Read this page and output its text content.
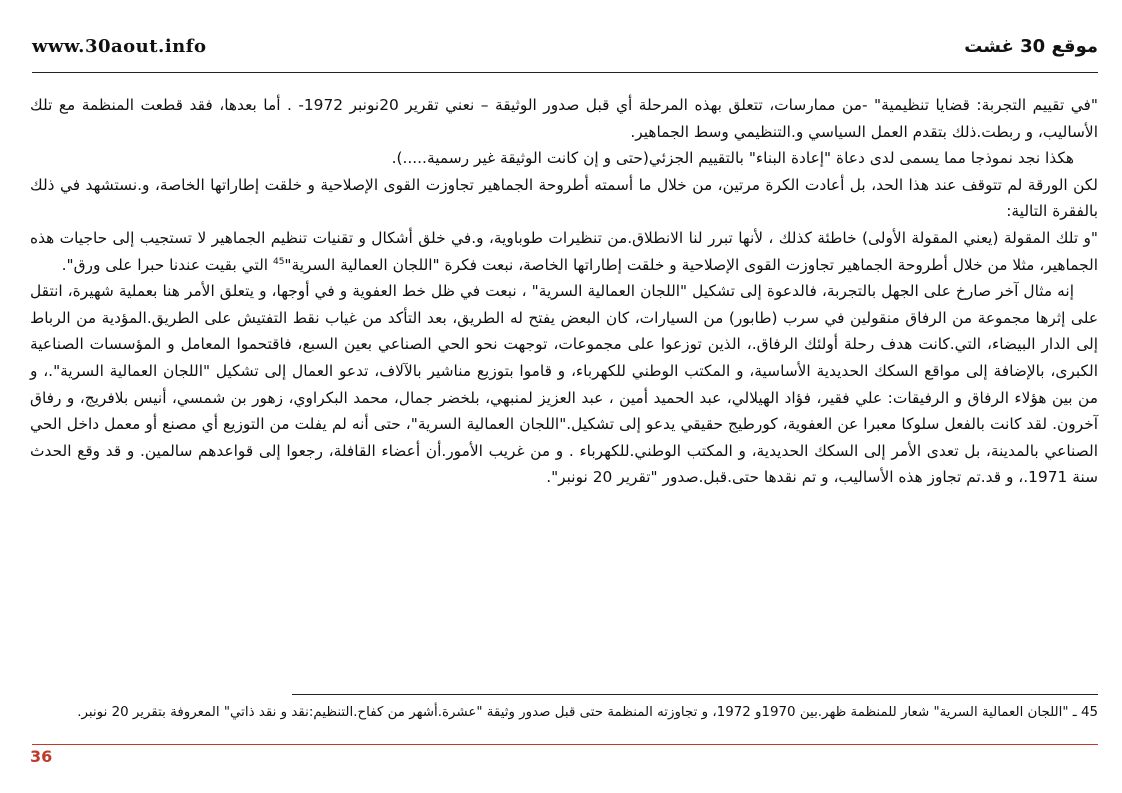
www.30aout.info	موقع 30 غشت

"في تقييم التجربة: قضايا تنظيمية" -من ممارسات، تتعلق بهذه المرحلة أي قبل صدور الوثيقة – نعني تقرير 20نونبر 1972- . أما بعدها، فقد قطعت المنظمة مع تلك الأساليب، و ربطت.ذلك بتقدم العمل السياسي و.التنظيمي وسط الجماهير.

هكذا نجد نموذجا مما يسمى لدى دعاة "إعادة البناء" بالتقييم الجزئي(حتى و إن كانت الوثيقة غير رسمية.....).

لكن الورقة لم تتوقف عند هذا الحد، بل أعادت الكرة مرتين، من خلال ما أسمته أطروحة الجماهير تجاوزت القوى الإصلاحية و خلقت إطاراتها الخاصة، و.نستشهد في ذلك بالفقرة التالية:

"و تلك المقولة (يعني المقولة الأولى) خاطئة كذلك ، لأنها تبرر لنا الانطلاق.من تنظيرات طوباوية، و.في خلق أشكال و تقنيات تنظيم الجماهير لا تستجيب إلى حاجيات هذه الجماهير، مثلا من خلال أطروحة الجماهير تجاوزت القوى الإصلاحية و خلقت إطاراتها الخاصة، نبعت فكرة "اللجان العمالية السرية"$^{45}$ التي بقيت عندنا حبرا على ورق".

إنه مثال آخر صارخ على الجهل بالتجربة، فالدعوة إلى تشكيل "اللجان العمالية السرية" ، نبعت في ظل خط العفوية و في أوجها، و يتعلق الأمر هنا بعملية شهيرة، انتقل على إثرها مجموعة من الرفاق منقولين في سرب (طابور) من السيارات، كان البعض يفتح له الطريق، بعد التأكد من غياب نقط التفتيش على الطريق.المؤدية من الرباط إلى الدار البيضاء، التي.كانت هدف رحلة أولئك الرفاق.، الذين توزعوا على مجموعات، توجهت نحو الحي الصناعي بعين السبع، فاقتحموا المعامل و المؤسسات الصناعية الكبرى، بالإضافة إلى مواقع السكك الحديدية الأساسية، و المكتب الوطني للكهرباء، و قاموا بتوزيع مناشير بالآلاف، تدعو العمال إلى تشكيل "اللجان العمالية السرية".، و من بين هؤلاء الرفاق و الرفيقات: علي فقير، فؤاد الهيلالي، عبد الحميد أمين ، عبد العزيز لمنبهي، بلخضر جمال، محمد البكراوي، زهور بن شمسي، أنيس بلافريج، و رفاق آخرون. لقد كانت بالفعل سلوكا معبرا عن العفوية، كورطيج حقيقي يدعو إلى تشكيل."اللجان العمالية السرية"، حتى أنه لم يفلت من التوزيع أي مصنع أو معمل داخل الحي الصناعي بالمدينة، بل تعدى الأمر إلى السكك الحديدية، و المكتب الوطني.للكهرباء . و من غريب الأمور.أن أعضاء القافلة، رجعوا إلى قواعدهم سالمين. و قد وقع الحدث سنة 1971.، و قد.تم تجاوز هذه الأساليب، و تم نقدها حتى.قبل.صدور "تقرير 20 نونبر".

45 ـ "اللجان العمالية السرية" شعار للمنظمة ظهر.بين 1970و 1972، و تجاوزته المنظمة حتى قبل صدور وثيقة "عشرة.أشهر من كفاح.التنظيم:نقد و نقد ذاتي" المعروفة بتقرير 20 نونبر.
36
